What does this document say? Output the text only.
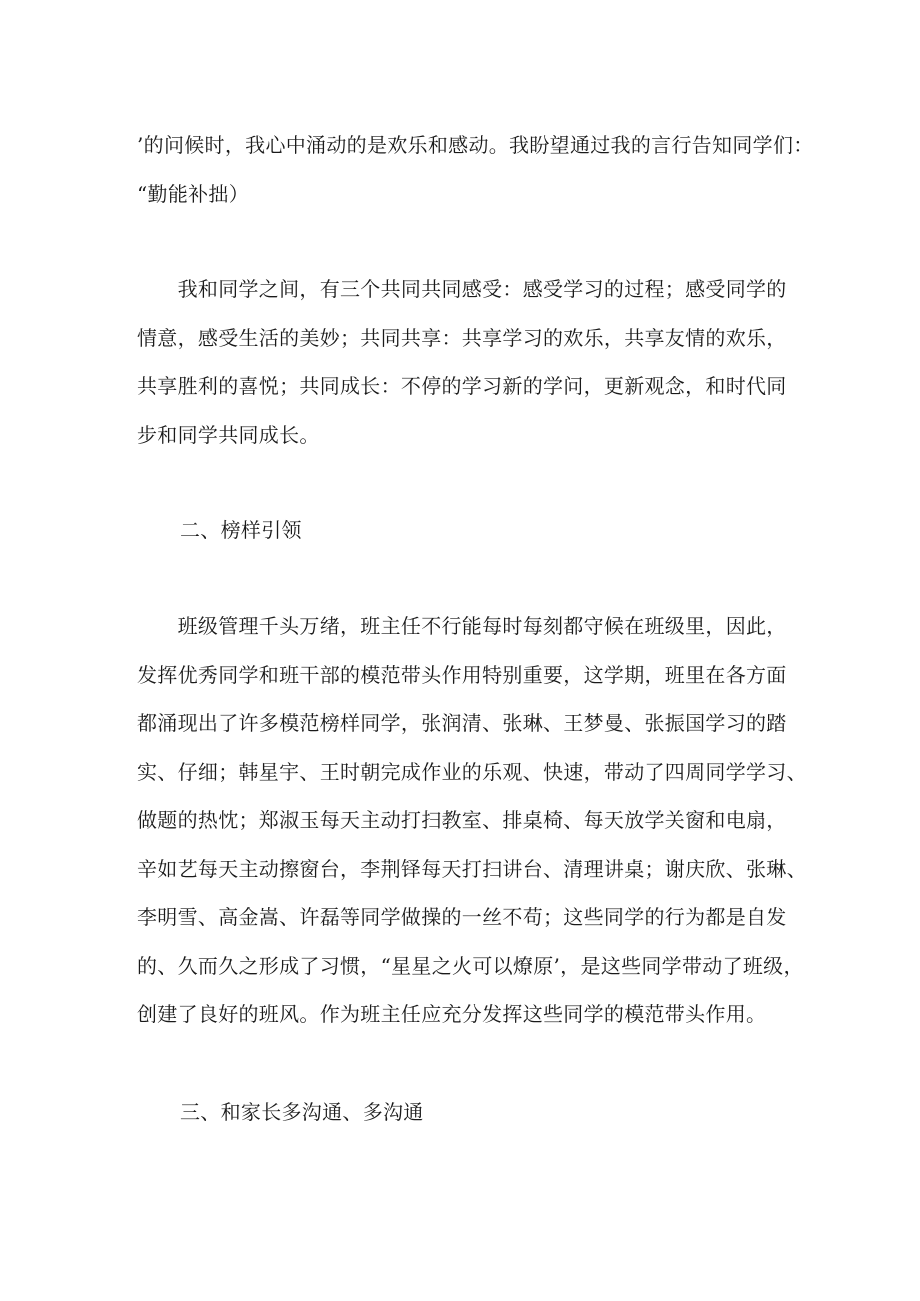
’的问候时，我心中涌动的是欢乐和感动。我盼望通过我的言行告知同学们：
“勤能补拙）
　　我和同学之间，有三个共同共同感受：感受学习的过程；感受同学的
情意，感受生活的美妙；共同共享：共享学习的欢乐，共享友情的欢乐，
共享胜利的喜悦；共同成长：不停的学习新的学问，更新观念，和时代同
步和同学共同成长。
二、榜样引领
　　班级管理千头万绪，班主任不行能每时每刻都守候在班级里，因此，
发挥优秀同学和班干部的模范带头作用特别重要，这学期，班里在各方面
都涌现出了许多模范榜样同学，张润清、张琳、王梦曼、张振国学习的踏
实、仔细；韩星宇、王时朝完成作业的乐观、快速，带动了四周同学学习、
做题的热忱；郑淑玉每天主动打扫教室、排桌椅、每天放学关窗和电扇，
辛如艺每天主动擦窗台，李荆铎每天打扫讲台、清理讲桌；谢庆欣、张琳、
李明雪、高金嵩、许磊等同学做操的一丝不苟；这些同学的行为都是自发
的、久而久之形成了习惯，“星星之火可以燎原’，是这些同学带动了班级，
创建了良好的班风。作为班主任应充分发挥这些同学的模范带头作用。
三、和家长多沟通、多沟通
